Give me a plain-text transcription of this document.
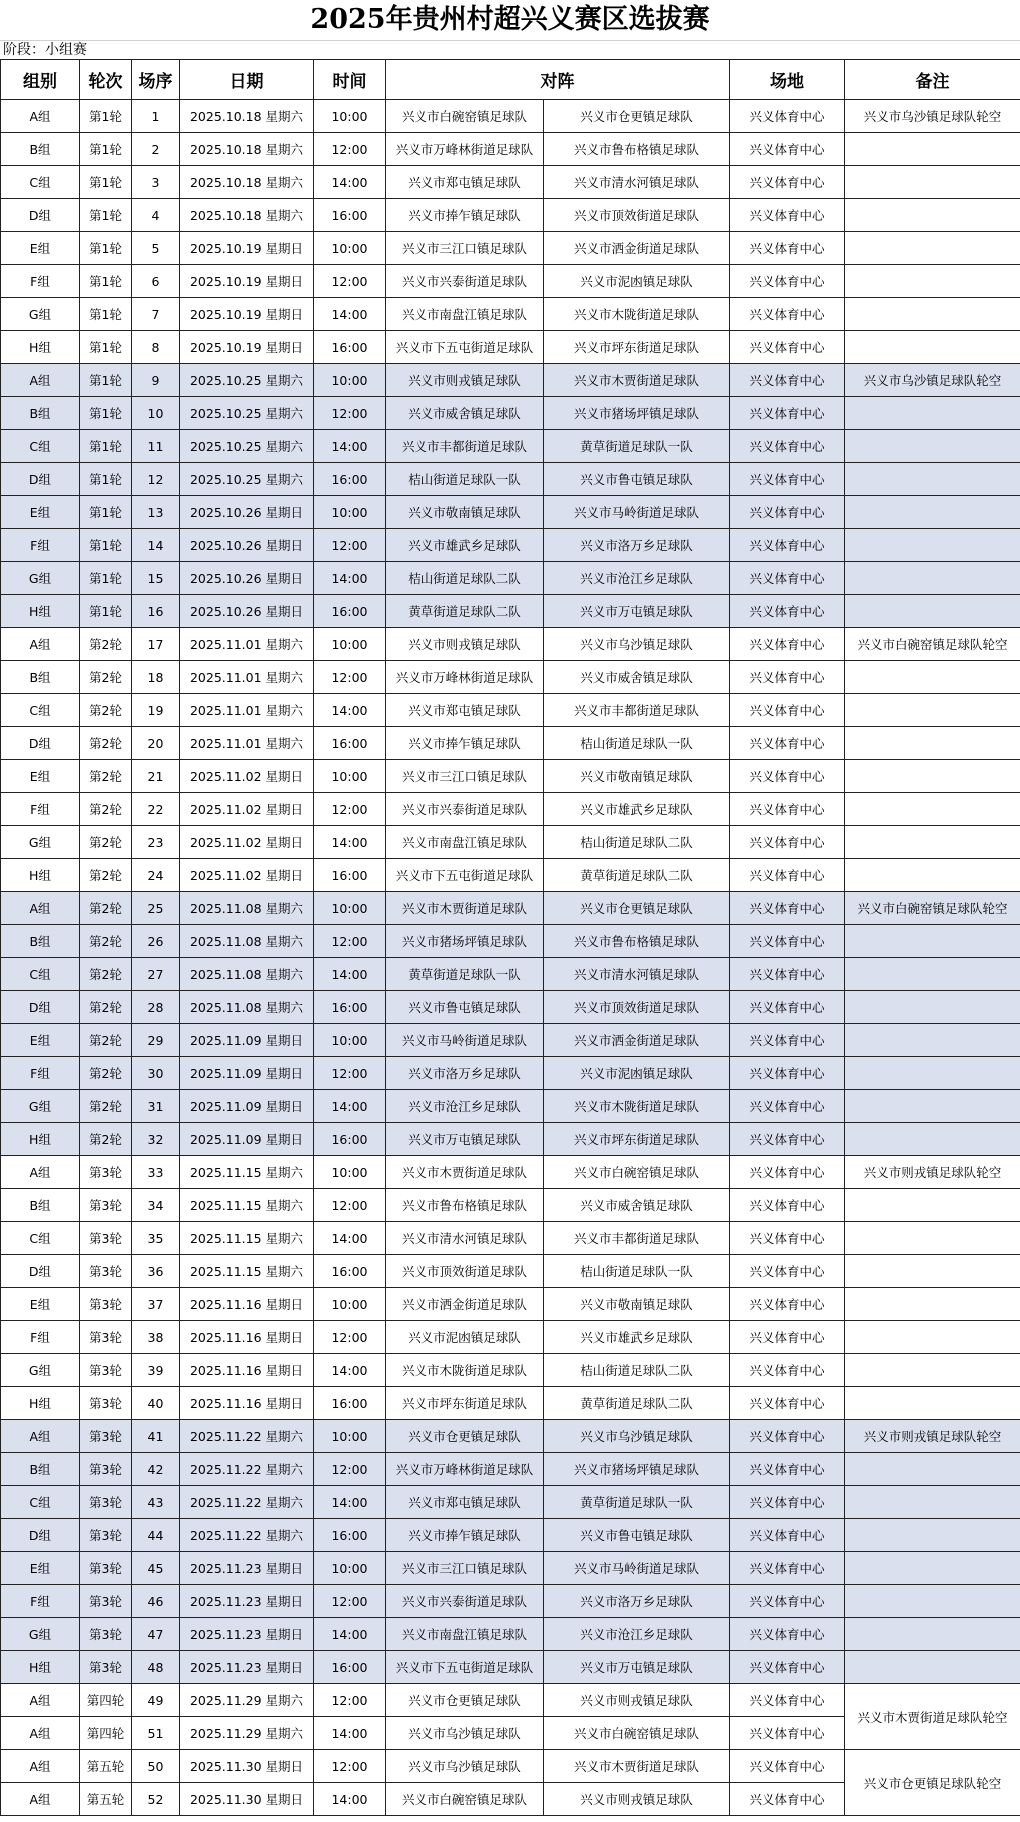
2025年贵州村超兴义赛区选拔赛
阶段：小组赛
组别	轮次	场序	日期	时间	对阵		场地	备注
A组	第1轮	1	2025.10.18 星期六	10:00	兴义市白碗窑镇足球队	兴义市仓更镇足球队	兴义体育中心	兴义市乌沙镇足球队轮空
B组	第1轮	2	2025.10.18 星期六	12:00	兴义市万峰林街道足球队	兴义市鲁布格镇足球队	兴义体育中心	
C组	第1轮	3	2025.10.18 星期六	14:00	兴义市郑屯镇足球队	兴义市清水河镇足球队	兴义体育中心	
D组	第1轮	4	2025.10.18 星期六	16:00	兴义市捧乍镇足球队	兴义市顶效街道足球队	兴义体育中心	
E组	第1轮	5	2025.10.19 星期日	10:00	兴义市三江口镇足球队	兴义市洒金街道足球队	兴义体育中心	
F组	第1轮	6	2025.10.19 星期日	12:00	兴义市兴泰街道足球队	兴义市泥凼镇足球队	兴义体育中心	
G组	第1轮	7	2025.10.19 星期日	14:00	兴义市南盘江镇足球队	兴义市木陇街道足球队	兴义体育中心	
H组	第1轮	8	2025.10.19 星期日	16:00	兴义市下五屯街道足球队	兴义市坪东街道足球队	兴义体育中心	
A组	第1轮	9	2025.10.25 星期六	10:00	兴义市则戎镇足球队	兴义市木贾街道足球队	兴义体育中心	兴义市乌沙镇足球队轮空
B组	第1轮	10	2025.10.25 星期六	12:00	兴义市威舍镇足球队	兴义市猪场坪镇足球队	兴义体育中心	
C组	第1轮	11	2025.10.25 星期六	14:00	兴义市丰都街道足球队	黄草街道足球队一队	兴义体育中心	
D组	第1轮	12	2025.10.25 星期六	16:00	桔山街道足球队一队	兴义市鲁屯镇足球队	兴义体育中心	
E组	第1轮	13	2025.10.26 星期日	10:00	兴义市敬南镇足球队	兴义市马岭街道足球队	兴义体育中心	
F组	第1轮	14	2025.10.26 星期日	12:00	兴义市雄武乡足球队	兴义市洛万乡足球队	兴义体育中心	
G组	第1轮	15	2025.10.26 星期日	14:00	桔山街道足球队二队	兴义市沧江乡足球队	兴义体育中心	
H组	第1轮	16	2025.10.26 星期日	16:00	黄草街道足球队二队	兴义市万屯镇足球队	兴义体育中心	
A组	第2轮	17	2025.11.01 星期六	10:00	兴义市则戎镇足球队	兴义市乌沙镇足球队	兴义体育中心	兴义市白碗窑镇足球队轮空
B组	第2轮	18	2025.11.01 星期六	12:00	兴义市万峰林街道足球队	兴义市威舍镇足球队	兴义体育中心	
C组	第2轮	19	2025.11.01 星期六	14:00	兴义市郑屯镇足球队	兴义市丰都街道足球队	兴义体育中心	
D组	第2轮	20	2025.11.01 星期六	16:00	兴义市捧乍镇足球队	桔山街道足球队一队	兴义体育中心	
E组	第2轮	21	2025.11.02 星期日	10:00	兴义市三江口镇足球队	兴义市敬南镇足球队	兴义体育中心	
F组	第2轮	22	2025.11.02 星期日	12:00	兴义市兴泰街道足球队	兴义市雄武乡足球队	兴义体育中心	
G组	第2轮	23	2025.11.02 星期日	14:00	兴义市南盘江镇足球队	桔山街道足球队二队	兴义体育中心	
H组	第2轮	24	2025.11.02 星期日	16:00	兴义市下五屯街道足球队	黄草街道足球队二队	兴义体育中心	
A组	第2轮	25	2025.11.08 星期六	10:00	兴义市木贾街道足球队	兴义市仓更镇足球队	兴义体育中心	兴义市白碗窑镇足球队轮空
B组	第2轮	26	2025.11.08 星期六	12:00	兴义市猪场坪镇足球队	兴义市鲁布格镇足球队	兴义体育中心	
C组	第2轮	27	2025.11.08 星期六	14:00	黄草街道足球队一队	兴义市清水河镇足球队	兴义体育中心	
D组	第2轮	28	2025.11.08 星期六	16:00	兴义市鲁屯镇足球队	兴义市顶效街道足球队	兴义体育中心	
E组	第2轮	29	2025.11.09 星期日	10:00	兴义市马岭街道足球队	兴义市洒金街道足球队	兴义体育中心	
F组	第2轮	30	2025.11.09 星期日	12:00	兴义市洛万乡足球队	兴义市泥凼镇足球队	兴义体育中心	
G组	第2轮	31	2025.11.09 星期日	14:00	兴义市沧江乡足球队	兴义市木陇街道足球队	兴义体育中心	
H组	第2轮	32	2025.11.09 星期日	16:00	兴义市万屯镇足球队	兴义市坪东街道足球队	兴义体育中心	
A组	第3轮	33	2025.11.15 星期六	10:00	兴义市木贾街道足球队	兴义市白碗窑镇足球队	兴义体育中心	兴义市则戎镇足球队轮空
B组	第3轮	34	2025.11.15 星期六	12:00	兴义市鲁布格镇足球队	兴义市威舍镇足球队	兴义体育中心	
C组	第3轮	35	2025.11.15 星期六	14:00	兴义市清水河镇足球队	兴义市丰都街道足球队	兴义体育中心	
D组	第3轮	36	2025.11.15 星期六	16:00	兴义市顶效街道足球队	桔山街道足球队一队	兴义体育中心	
E组	第3轮	37	2025.11.16 星期日	10:00	兴义市洒金街道足球队	兴义市敬南镇足球队	兴义体育中心	
F组	第3轮	38	2025.11.16 星期日	12:00	兴义市泥凼镇足球队	兴义市雄武乡足球队	兴义体育中心	
G组	第3轮	39	2025.11.16 星期日	14:00	兴义市木陇街道足球队	桔山街道足球队二队	兴义体育中心	
H组	第3轮	40	2025.11.16 星期日	16:00	兴义市坪东街道足球队	黄草街道足球队二队	兴义体育中心	
A组	第3轮	41	2025.11.22 星期六	10:00	兴义市仓更镇足球队	兴义市乌沙镇足球队	兴义体育中心	兴义市则戎镇足球队轮空
B组	第3轮	42	2025.11.22 星期六	12:00	兴义市万峰林街道足球队	兴义市猪场坪镇足球队	兴义体育中心	
C组	第3轮	43	2025.11.22 星期六	14:00	兴义市郑屯镇足球队	黄草街道足球队一队	兴义体育中心	
D组	第3轮	44	2025.11.22 星期六	16:00	兴义市捧乍镇足球队	兴义市鲁屯镇足球队	兴义体育中心	
E组	第3轮	45	2025.11.23 星期日	10:00	兴义市三江口镇足球队	兴义市马岭街道足球队	兴义体育中心	
F组	第3轮	46	2025.11.23 星期日	12:00	兴义市兴泰街道足球队	兴义市洛万乡足球队	兴义体育中心	
G组	第3轮	47	2025.11.23 星期日	14:00	兴义市南盘江镇足球队	兴义市沧江乡足球队	兴义体育中心	
H组	第3轮	48	2025.11.23 星期日	16:00	兴义市下五屯街道足球队	兴义市万屯镇足球队	兴义体育中心	
A组	第四轮	49	2025.11.29 星期六	12:00	兴义市仓更镇足球队	兴义市则戎镇足球队	兴义体育中心	兴义市木贾街道足球队轮空
A组	第四轮	51	2025.11.29 星期六	14:00	兴义市乌沙镇足球队	兴义市白碗窑镇足球队	兴义体育中心	
A组	第五轮	50	2025.11.30 星期日	12:00	兴义市乌沙镇足球队	兴义市木贾街道足球队	兴义体育中心	兴义市仓更镇足球队轮空
A组	第五轮	52	2025.11.30 星期日	14:00	兴义市白碗窑镇足球队	兴义市则戎镇足球队	兴义体育中心	
